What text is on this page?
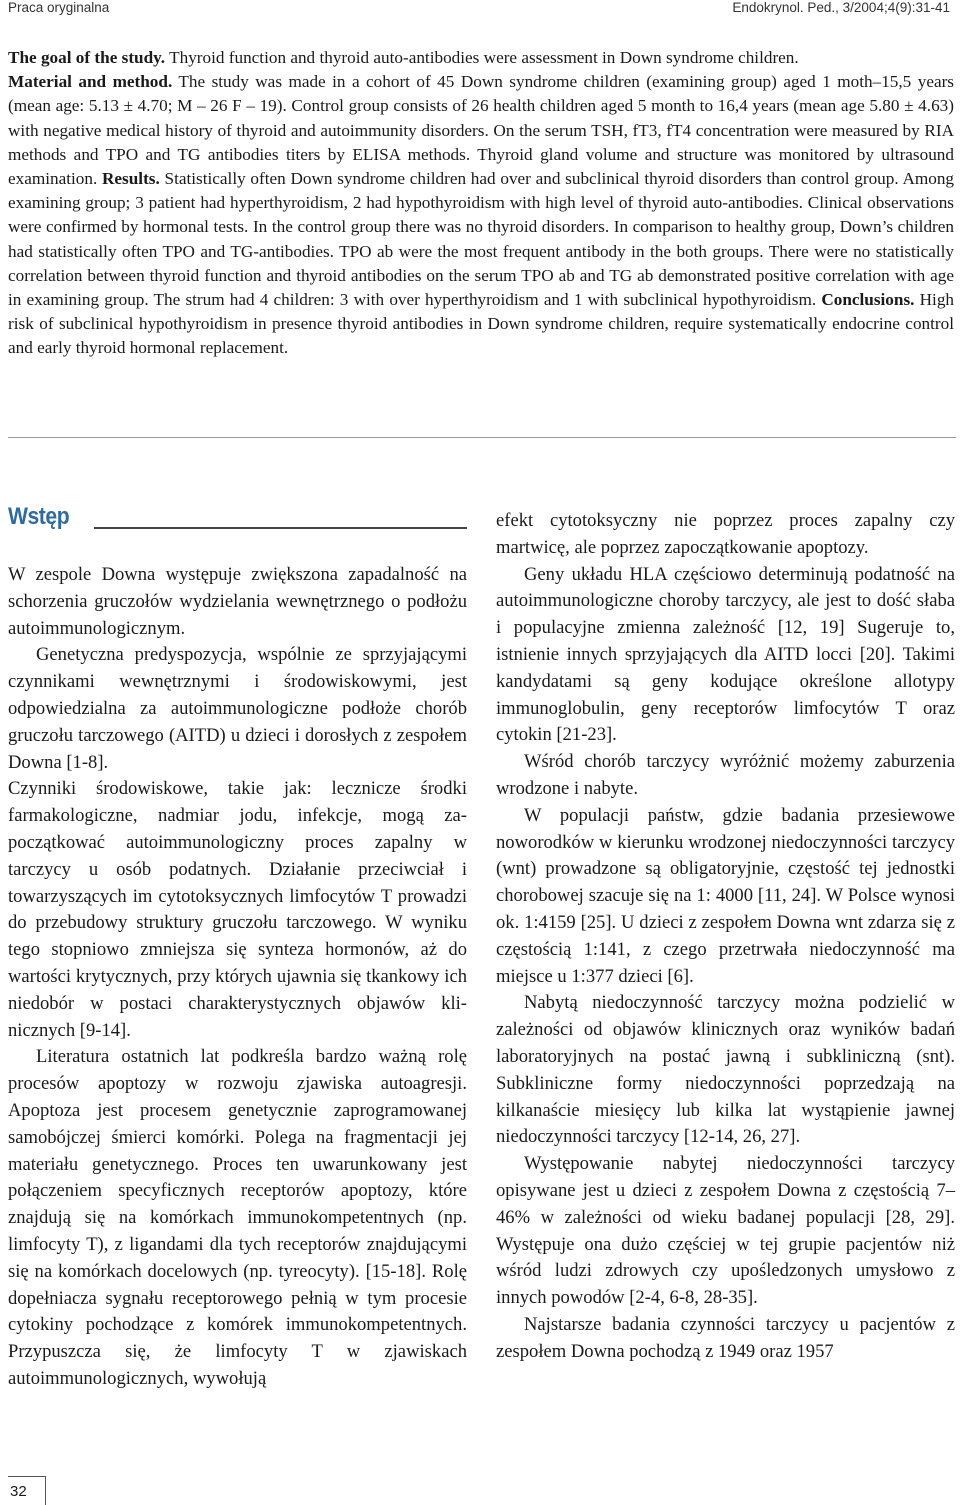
Praca oryginalna	Endokrynol. Ped., 3/2004;4(9):31-41

The goal of the study. Thyroid function and thyroid auto-antibodies were assessment in Down syndrome children.
Material and method. The study was made in a cohort of 45 Down syndrome children (examining group) aged 1 moth–15,5 years (mean age: 5.13 ± 4.70; M – 26 F – 19). Control group consists of 26 health children aged 5 month to 16,4 years (mean age 5.80 ± 4.63) with negative medical history of thyroid and autoimmunity disorders. On the serum TSH, fT3, fT4 concentration were measured by RIA methods and TPO and TG antibodies titers by ELISA methods. Thyroid gland volume and structure was monitored by ultrasound examination. Results. Statistically often Down syndrome children had over and subclinical thyroid disorders than control group. Among examining group; 3 patient had hyperthyroidism, 2 had hypothyroidism with high level of thyroid auto-antibodies. Clinical observations were confirmed by hormonal tests. In the control group there was no thyroid disorders. In comparison to healthy group, Down’s children had statistically often TPO and TG-antibodies. TPO ab were the most frequent antibody in the both groups. There were no statistically correlation between thyroid function and thyroid antibodies on the serum TPO ab and TG ab demonstrated positive correlation with age in examining group. The strum had 4 children: 3 with over hyperthyroidism and 1 with subclinical hypothyroidism. Conclusions. High risk of subclinical hypothyroidism in presence thyroid antibodies in Down syndrome children, require systematically endocrine control and early thyroid hormonal replacement.

Wstęp

W zespole Downa występuje zwiększona zapadalność na schorzenia gruczołów wydzielania wewnętrznego o podłożu autoimmunologicznym.

Genetyczna predyspozycja, wspólnie ze sprzyjającymi czynnikami wewnętrznymi i środowiskowymi, jest odpowiedzialna za autoimmunologiczne podłoże chorób gruczołu tarczowego (AITD) u dzieci i dorosłych z zespołem Downa [1-8].

Czynniki środowiskowe, takie jak: lecznicze środki farmakologiczne, nadmiar jodu, infekcje, mogą zapoczątkować autoimmunologiczny proces zapalny w tarczycy u osób podatnych. Działanie przeciwciał i towarzyszących im cytotoksycznych limfocytów T prowadzi do przebudowy struktury gruczołu tarczowego. W wyniku tego stopniowo zmniejsza się synteza hormonów, aż do wartości krytycznych, przy których ujawnia się tkankowy ich niedobór w postaci charakterystycznych objawów klinicznych [9-14].

Literatura ostatnich lat podkreśla bardzo ważną rolę procesów apoptozy w rozwoju zjawiska autoagresji. Apoptoza jest procesem genetycznie zaprogramowanej samobójczej śmierci komórki. Polega na fragmentacji jej materiału genetycznego. Proces ten uwarunkowany jest połączeniem specyficznych receptorów apoptozy, które znajdują się na komórkach immunokompetentnych (np. limfocyty T), z ligandami dla tych receptorów znajdującymi się na komórkach docelowych (np. tyreocyty). [15-18]. Rolę dopełniacza sygnału receptorowego pełnią w tym procesie cytokiny pochodzące z komórek immunokompetentnych. Przypuszcza się, że limfocyty T w zjawiskach autoimmunologicznych, wywołują

efekt cytotoksyczny nie poprzez proces zapalny czy martwicę, ale poprzez zapoczątkowanie apoptozy.

Geny układu HLA częściowo determinują podatność na autoimmunologiczne choroby tarczycy, ale jest to dość słaba i populacyjne zmienna zależność [12, 19] Sugeruje to, istnienie innych sprzyjających dla AITD locci [20]. Takimi kandydatami są geny kodujące określone allotypy immunoglobulin, geny receptorów limfocytów T oraz cytokin [21-23].

Wśród chorób tarczycy wyróżnić możemy zaburzenia wrodzone i nabyte.

W populacji państw, gdzie badania przesiewowe noworodków w kierunku wrodzonej niedoczynności tarczycy (wnt) prowadzone są obligatoryjnie, częstość tej jednostki chorobowej szacuje się na 1: 4000 [11, 24]. W Polsce wynosi ok. 1:4159 [25]. U dzieci z zespołem Downa wnt zdarza się z częstością 1:141, z czego przetrwała niedoczynność ma miejsce u 1:377 dzieci [6].

Nabytą niedoczynność tarczycy można podzielić w zależności od objawów klinicznych oraz wyników badań laboratoryjnych na postać jawną i subkliniczną (snt). Subkliniczne formy niedoczynności poprzedzają na kilkanaście miesięcy lub kilka lat wystąpienie jawnej niedoczynności tarczycy [12-14, 26, 27].

Występowanie nabytej niedoczynności tarczycy opisywane jest u dzieci z zespołem Downa z częstością 7–46% w zależności od wieku badanej populacji [28, 29]. Występuje ona dużo częściej w tej grupie pacjentów niż wśród ludzi zdrowych czy upośledzonych umysłowo z innych powodów [2-4, 6-8, 28-35].

Najstarsze badania czynności tarczycy u pacjentów z zespołem Downa pochodzą z 1949 oraz 1957

32
